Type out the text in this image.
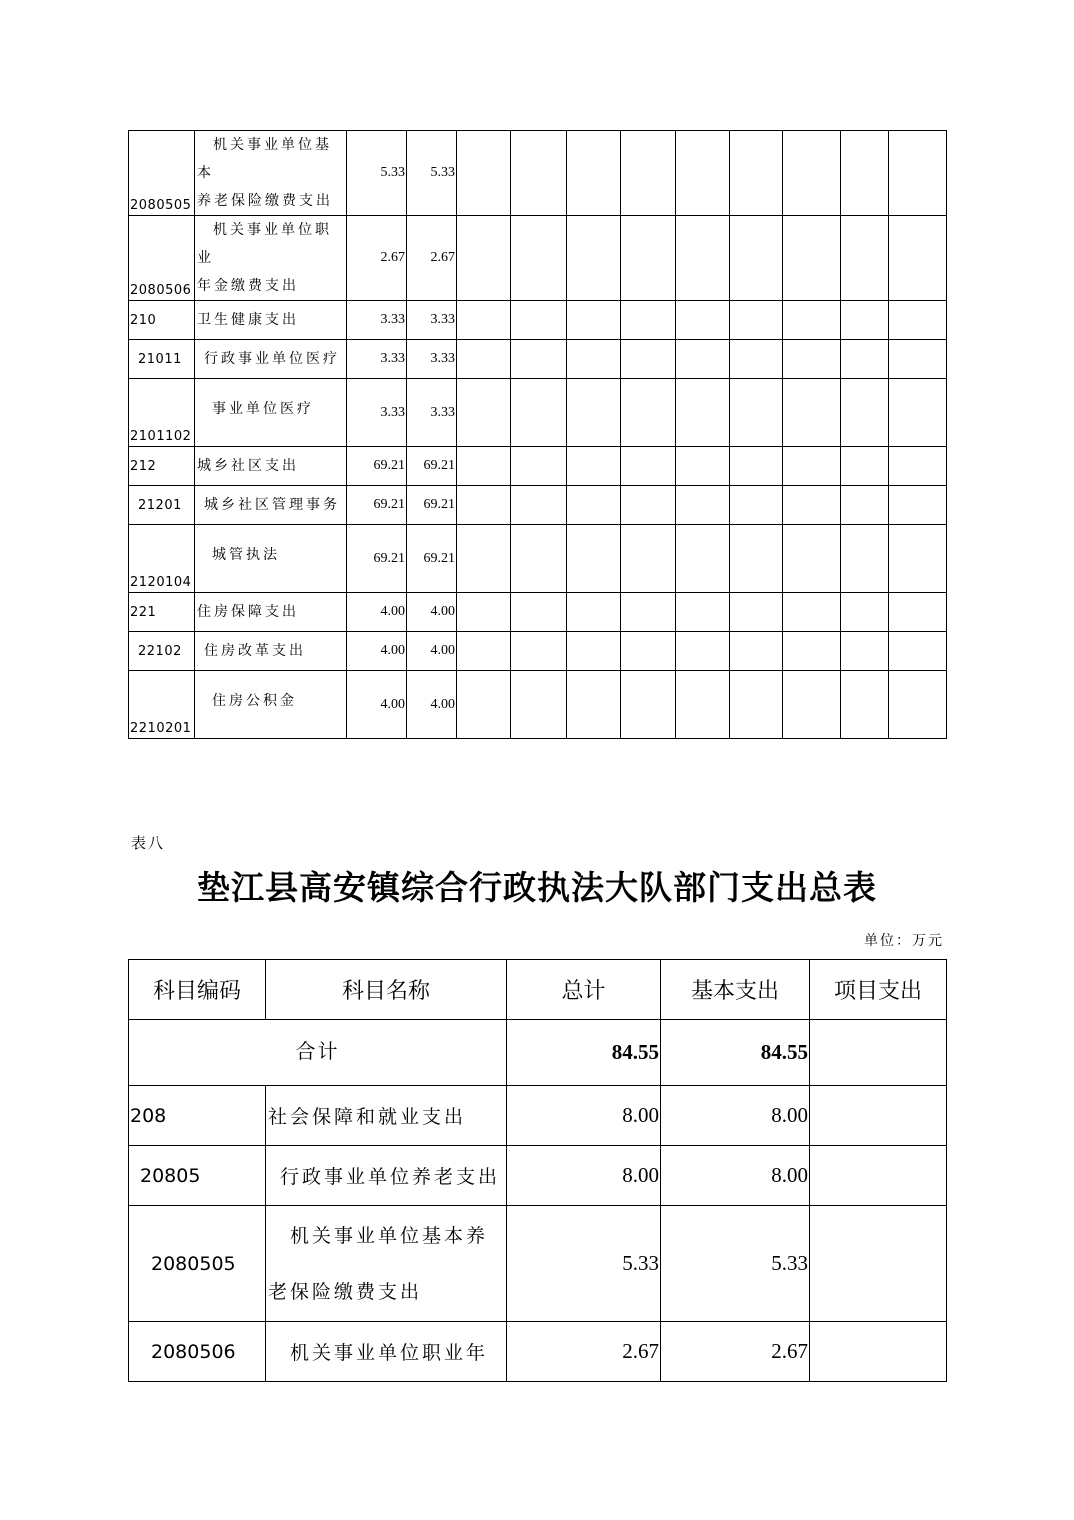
2080505	机关事业单位基本
养老保险缴费支出	5.33	5.33									
2080506	机关事业单位职业
年金缴费支出	2.67	2.67									
210	卫生健康支出	3.33	3.33									
21011	行政事业单位医疗	3.33	3.33									
2101102	事业单位医疗	3.33	3.33									
212	城乡社区支出	69.21	69.21									
21201	城乡社区管理事务	69.21	69.21									
2120104	城管执法	69.21	69.21									
221	住房保障支出	4.00	4.00									
22102	住房改革支出	4.00	4.00									
2210201	住房公积金	4.00	4.00									
表八
垫江县高安镇综合行政执法大队部门支出总表
单位：万元
科目编码	科目名称	总计	基本支出	项目支出
合计		84.55	84.55	
208	社会保障和就业支出	8.00	8.00	
20805	行政事业单位养老支出	8.00	8.00	
2080505	机关事业单位基本养
老保险缴费支出	5.33	5.33	
2080506	机关事业单位职业年	2.67	2.67	
